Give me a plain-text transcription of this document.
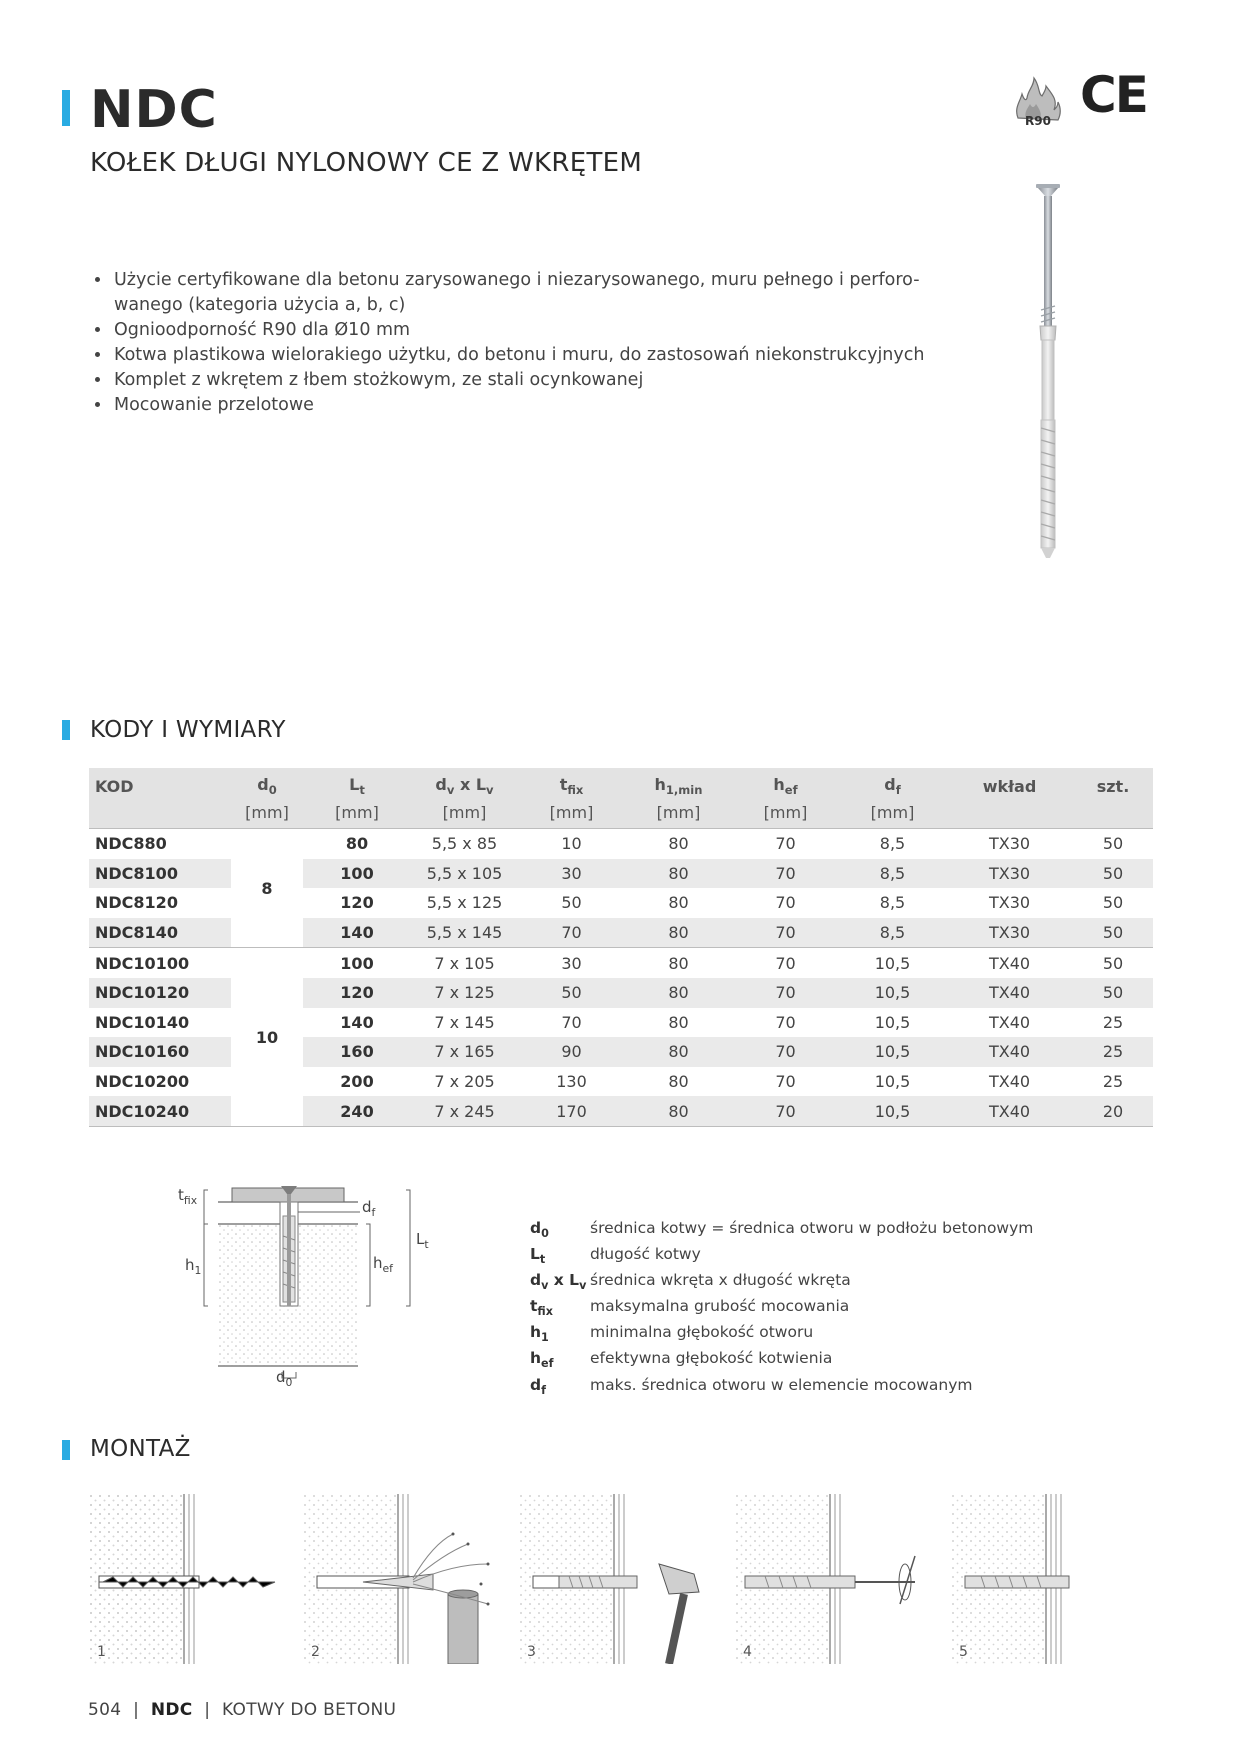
NDC
KOŁEK DŁUGI NYLONOWY CE Z WKRĘTEM
R90 CE
• Użycie certyfikowane dla betonu zarysowanego i niezarysowanego, muru pełnego i perforo-wanego (kategoria użycia a, b, c)
• Ognioodporność R90 dla Ø10 mm
• Kotwa plastikowa wielorakiego użytku, do betonu i muru, do zastosowań niekonstrukcyjnych
• Komplet z wkrętem z łbem stożkowym, ze stali ocynkowanej
• Mocowanie przelotowe
KODY I WYMIARY
KOD	$d_0$	$L_t$	$d_v$ x $L_v$	$t_{fix}$	$h_{1,min}$	$h_{ef}$	$d_f$	wkład	szt.
	[mm]	[mm]	[mm]	[mm]	[mm]	[mm]	[mm]		
NDC880	8	80	5,5 x 85	10	80	70	8,5	TX30	50
NDC8100		100	5,5 x 105	30	80	70	8,5	TX30	50
NDC8120		120	5,5 x 125	50	80	70	8,5	TX30	50
NDC8140		140	5,5 x 145	70	80	70	8,5	TX30	50
NDC10100	10	100	7 x 105	30	80	70	10,5	TX40	50
NDC10120		120	7 x 125	50	80	70	10,5	TX40	50
NDC10140		140	7 x 145	70	80	70	10,5	TX40	25
NDC10160		160	7 x 165	90	80	70	10,5	TX40	25
NDC10200		200	7 x 205	130	80	70	10,5	TX40	25
NDC10240		240	7 x 245	170	80	70	10,5	TX40	20
$t_{fix}$	$d_f$
$L_t$
$h_1$	$h_{ef}$
$d_0$
$d_0$	średnica kotwy = średnica otworu w podłożu betonowym
$L_t$	długość kotwy
$d_v$ x $L_v$ średnica wkręta x długość wkręta
$t_{fix}$	maksymalna grubość mocowania
$h_1$	minimalna głębokość otworu
$h_{ef}$	efektywna głębokość kotwienia
$d_f$	maks. średnica otworu w elemencie mocowanym
MONTAŻ
1	2	3	4	5
504 | NDC | KOTWY DO BETONU
